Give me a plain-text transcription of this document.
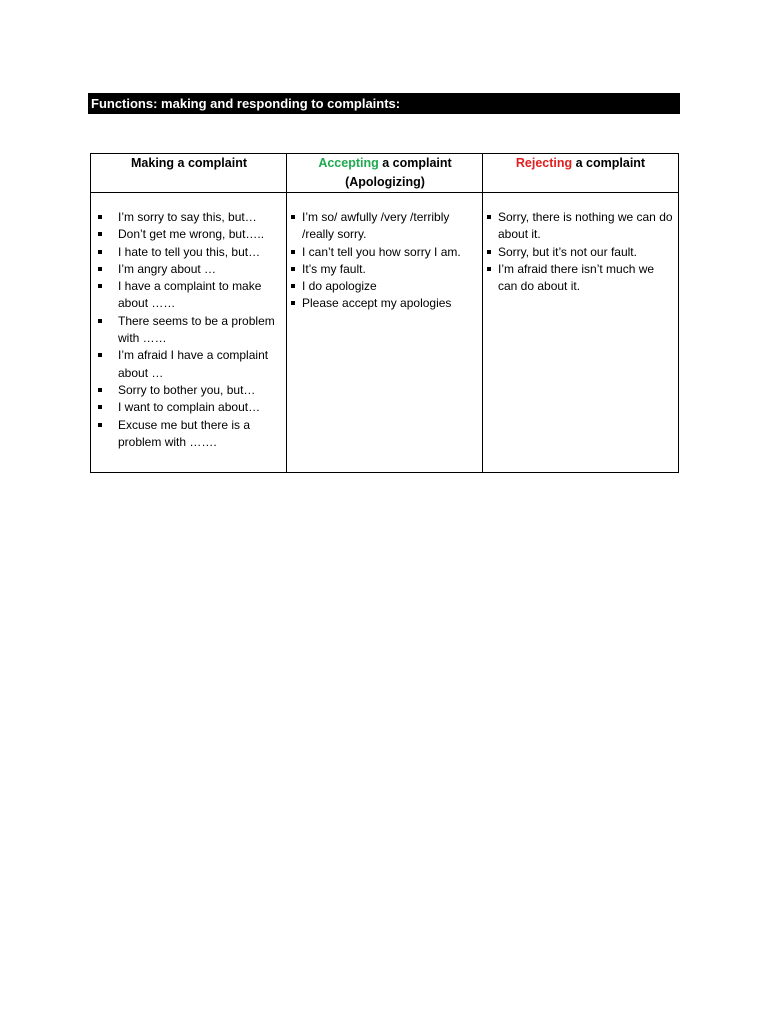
Functions: making and responding to complaints:
Making a complaint	Accepting a complaint
(Apologizing)
Rejecting a complaint
I’m sorry to say this, but…
Don’t get me wrong, but…..
I hate to tell you this, but…
I’m angry about …
I have a complaint to make about ……
There seems to be a problem with ……
I’m afraid I have a complaint about …
Sorry to bother you, but…
I want to complain about…
Excuse me but there is a problem with …….
I’m so/ awfully /very /terribly /really sorry.
I can’t tell you how sorry I am.
It’s my fault.
I do apologize
Please accept my apologies
Sorry, there is nothing we can do about it.
Sorry, but it’s not our fault.
I’m afraid there isn’t much we can do about it.
